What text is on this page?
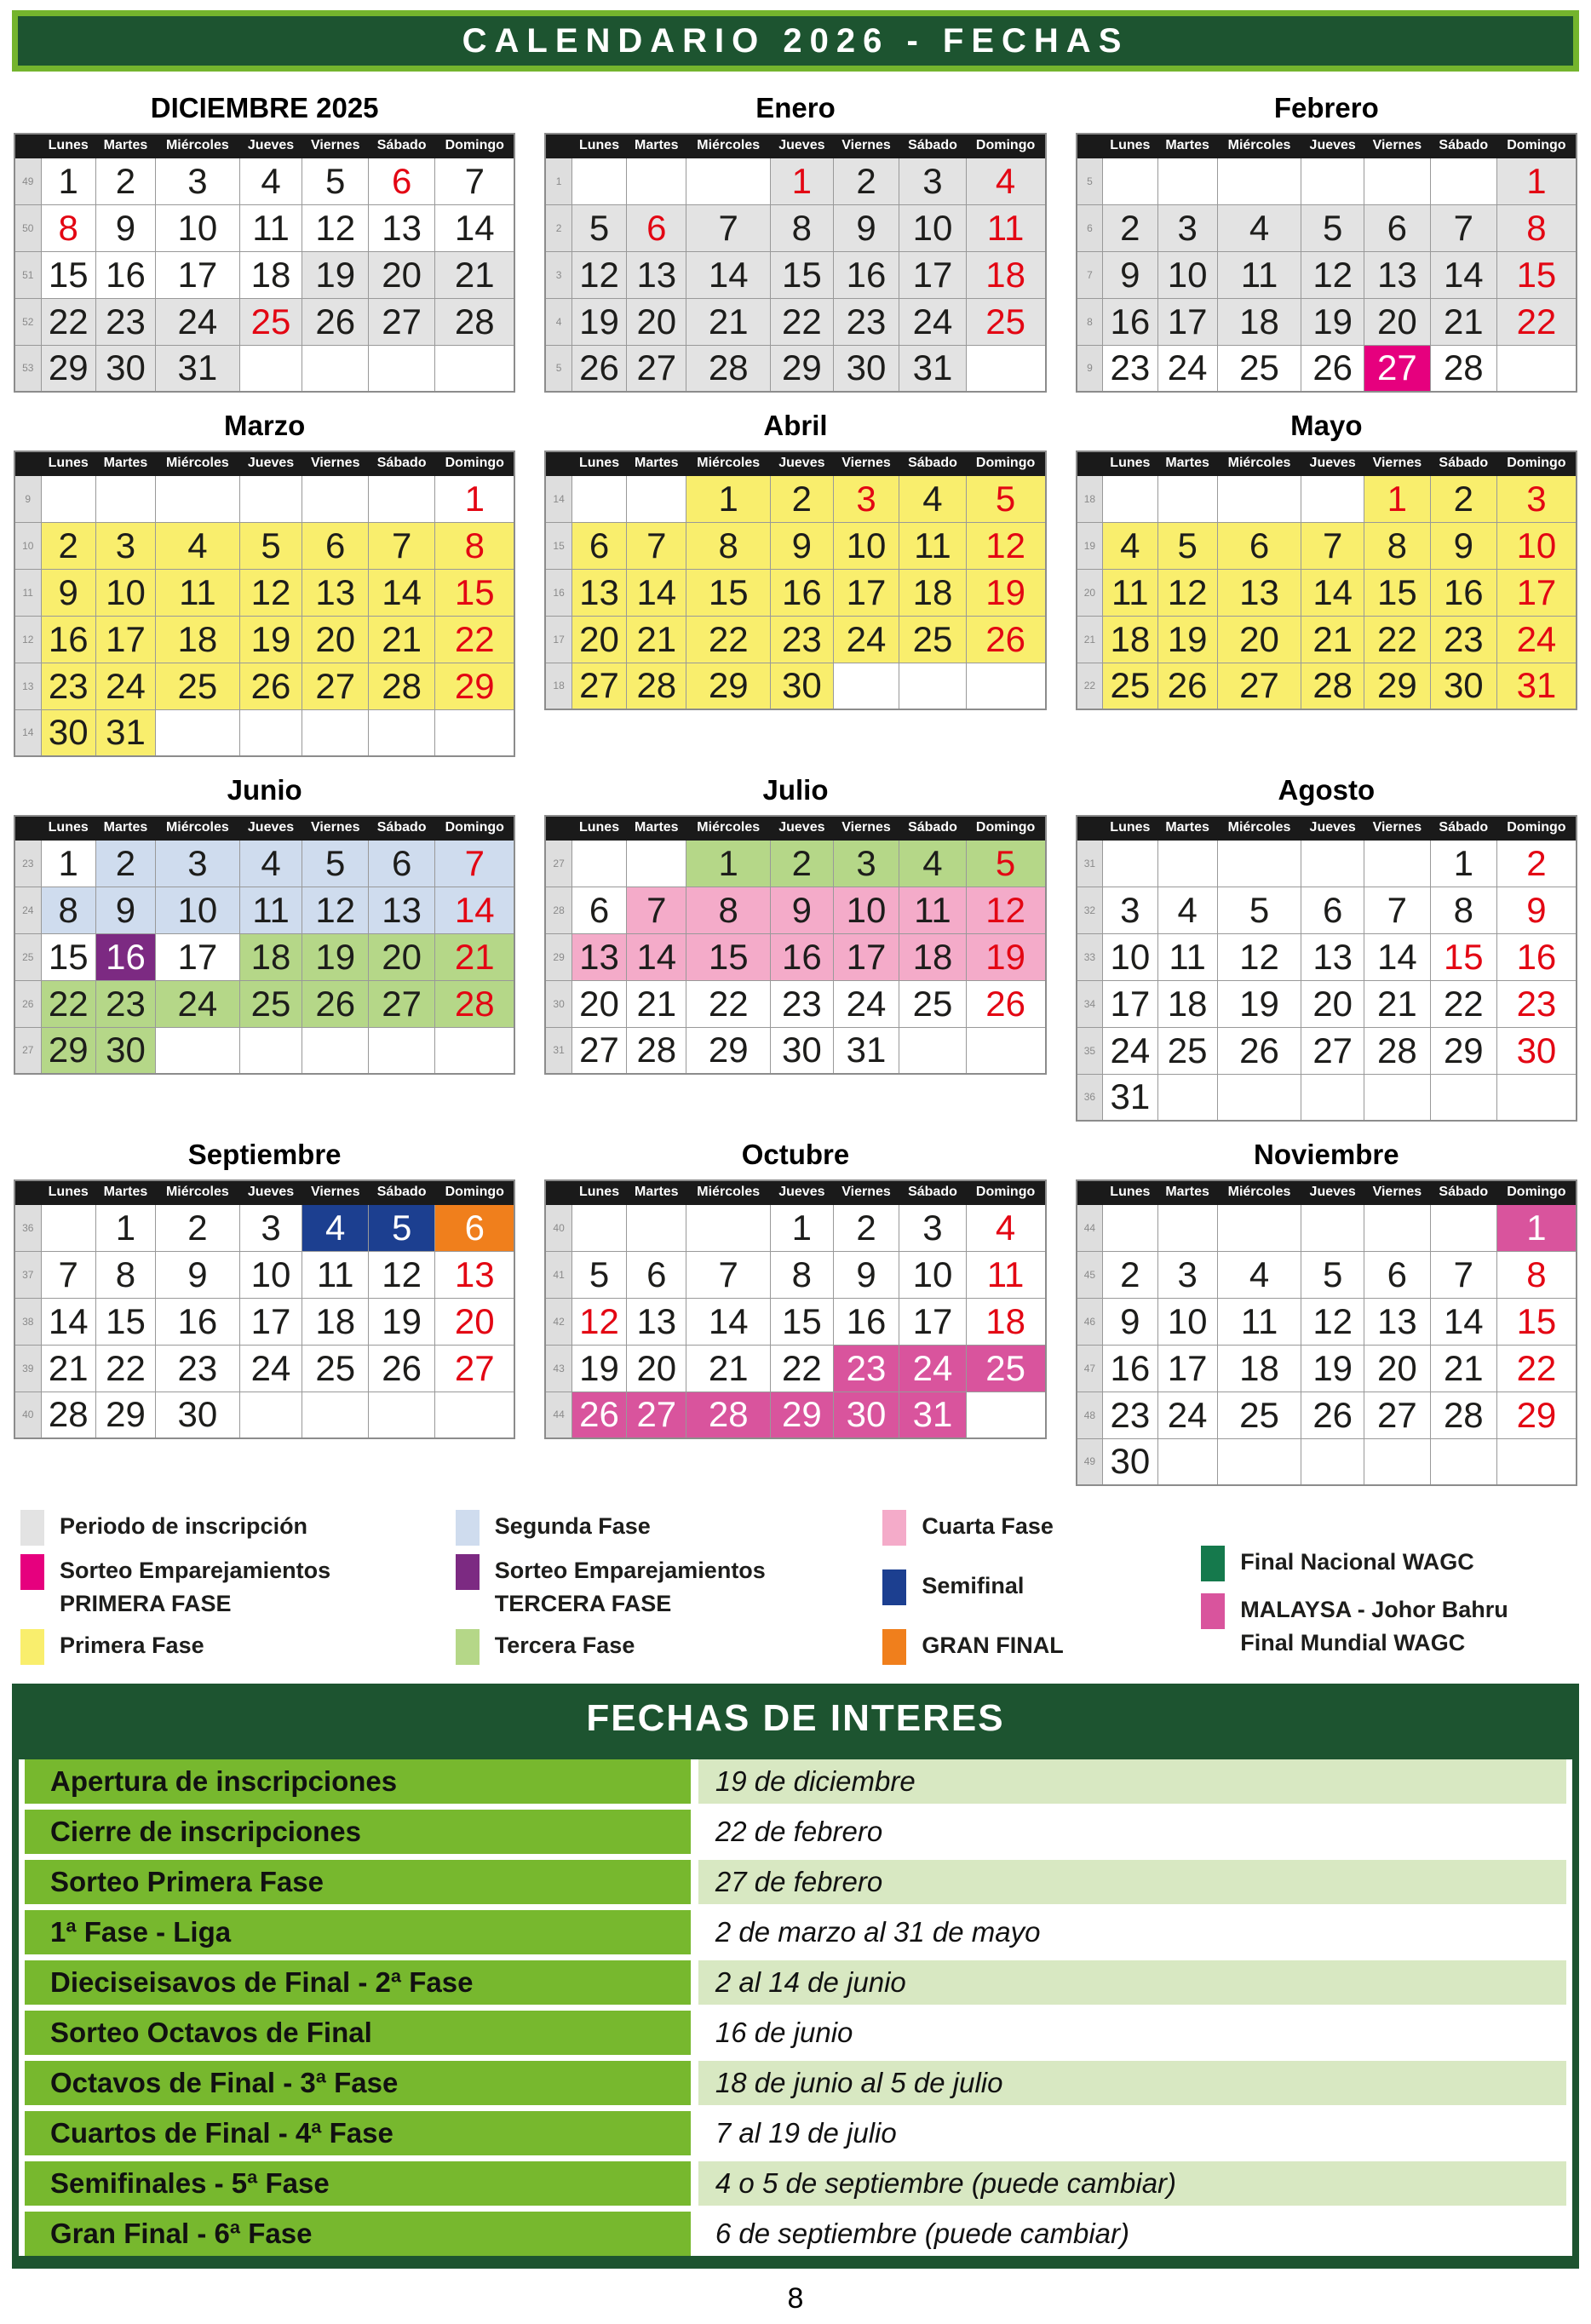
CALENDARIO 2026 - FECHAS
DICIEMBRE 2025
	Lunes	Martes	Miércoles	Jueves	Viernes	Sábado	Domingo
49	1	2	3	4	5	6	7
50	8	9	10	11	12	13	14
51	15	16	17	18	19	20	21
52	22	23	24	25	26	27	28
53	29	30	31				
Enero
	Lunes	Martes	Miércoles	Jueves	Viernes	Sábado	Domingo
1				1	2	3	4
2	5	6	7	8	9	10	11
3	12	13	14	15	16	17	18
4	19	20	21	22	23	24	25
5	26	27	28	29	30	31	
Febrero
	Lunes	Martes	Miércoles	Jueves	Viernes	Sábado	Domingo
5							1
6	2	3	4	5	6	7	8
7	9	10	11	12	13	14	15
8	16	17	18	19	20	21	22
9	23	24	25	26	27	28	
Marzo
	Lunes	Martes	Miércoles	Jueves	Viernes	Sábado	Domingo
9							1
10	2	3	4	5	6	7	8
11	9	10	11	12	13	14	15
12	16	17	18	19	20	21	22
13	23	24	25	26	27	28	29
14	30	31					
Abril
	Lunes	Martes	Miércoles	Jueves	Viernes	Sábado	Domingo
14			1	2	3	4	5
15	6	7	8	9	10	11	12
16	13	14	15	16	17	18	19
17	20	21	22	23	24	25	26
18	27	28	29	30			
Mayo
	Lunes	Martes	Miércoles	Jueves	Viernes	Sábado	Domingo
18					1	2	3
19	4	5	6	7	8	9	10
20	11	12	13	14	15	16	17
21	18	19	20	21	22	23	24
22	25	26	27	28	29	30	31
Junio
	Lunes	Martes	Miércoles	Jueves	Viernes	Sábado	Domingo
23	1	2	3	4	5	6	7
24	8	9	10	11	12	13	14
25	15	16	17	18	19	20	21
26	22	23	24	25	26	27	28
27	29	30					
Julio
	Lunes	Martes	Miércoles	Jueves	Viernes	Sábado	Domingo
27			1	2	3	4	5
28	6	7	8	9	10	11	12
29	13	14	15	16	17	18	19
30	20	21	22	23	24	25	26
31	27	28	29	30	31		
Agosto
	Lunes	Martes	Miércoles	Jueves	Viernes	Sábado	Domingo
31						1	2
32	3	4	5	6	7	8	9
33	10	11	12	13	14	15	16
34	17	18	19	20	21	22	23
35	24	25	26	27	28	29	30
36	31						
Septiembre
	Lunes	Martes	Miércoles	Jueves	Viernes	Sábado	Domingo
36		1	2	3	4	5	6
37	7	8	9	10	11	12	13
38	14	15	16	17	18	19	20
39	21	22	23	24	25	26	27
40	28	29	30				
Octubre
	Lunes	Martes	Miércoles	Jueves	Viernes	Sábado	Domingo
40				1	2	3	4
41	5	6	7	8	9	10	11
42	12	13	14	15	16	17	18
43	19	20	21	22	23	24	25
44	26	27	28	29	30	31	
Noviembre
	Lunes	Martes	Miércoles	Jueves	Viernes	Sábado	Domingo
44							1
45	2	3	4	5	6	7	8
46	9	10	11	12	13	14	15
47	16	17	18	19	20	21	22
48	23	24	25	26	27	28	29
49	30						
Periodo de inscripción
Sorteo Emparejamientos
PRIMERA FASE
Primera Fase
Segunda Fase
Sorteo Emparejamientos
TERCERA FASE
Tercera Fase
Cuarta Fase
Semifinal
GRAN FINAL
Final Nacional WAGC
MALAYSA - Johor Bahru
Final Mundial WAGC
FECHAS DE INTERES
Apertura de inscripciones	19 de diciembre
Cierre de inscripciones	22 de febrero
Sorteo Primera Fase	27 de febrero
1ª Fase - Liga	2 de marzo al 31 de mayo
Dieciseisavos de Final - 2ª Fase	2 al 14 de junio
Sorteo Octavos de Final	16 de junio
Octavos de Final - 3ª Fase	18 de junio al 5 de julio
Cuartos de Final - 4ª Fase	7 al 19 de julio
Semifinales - 5ª Fase	4 o 5 de septiembre (puede cambiar)
Gran Final - 6ª Fase	6 de septiembre (puede cambiar)
8
